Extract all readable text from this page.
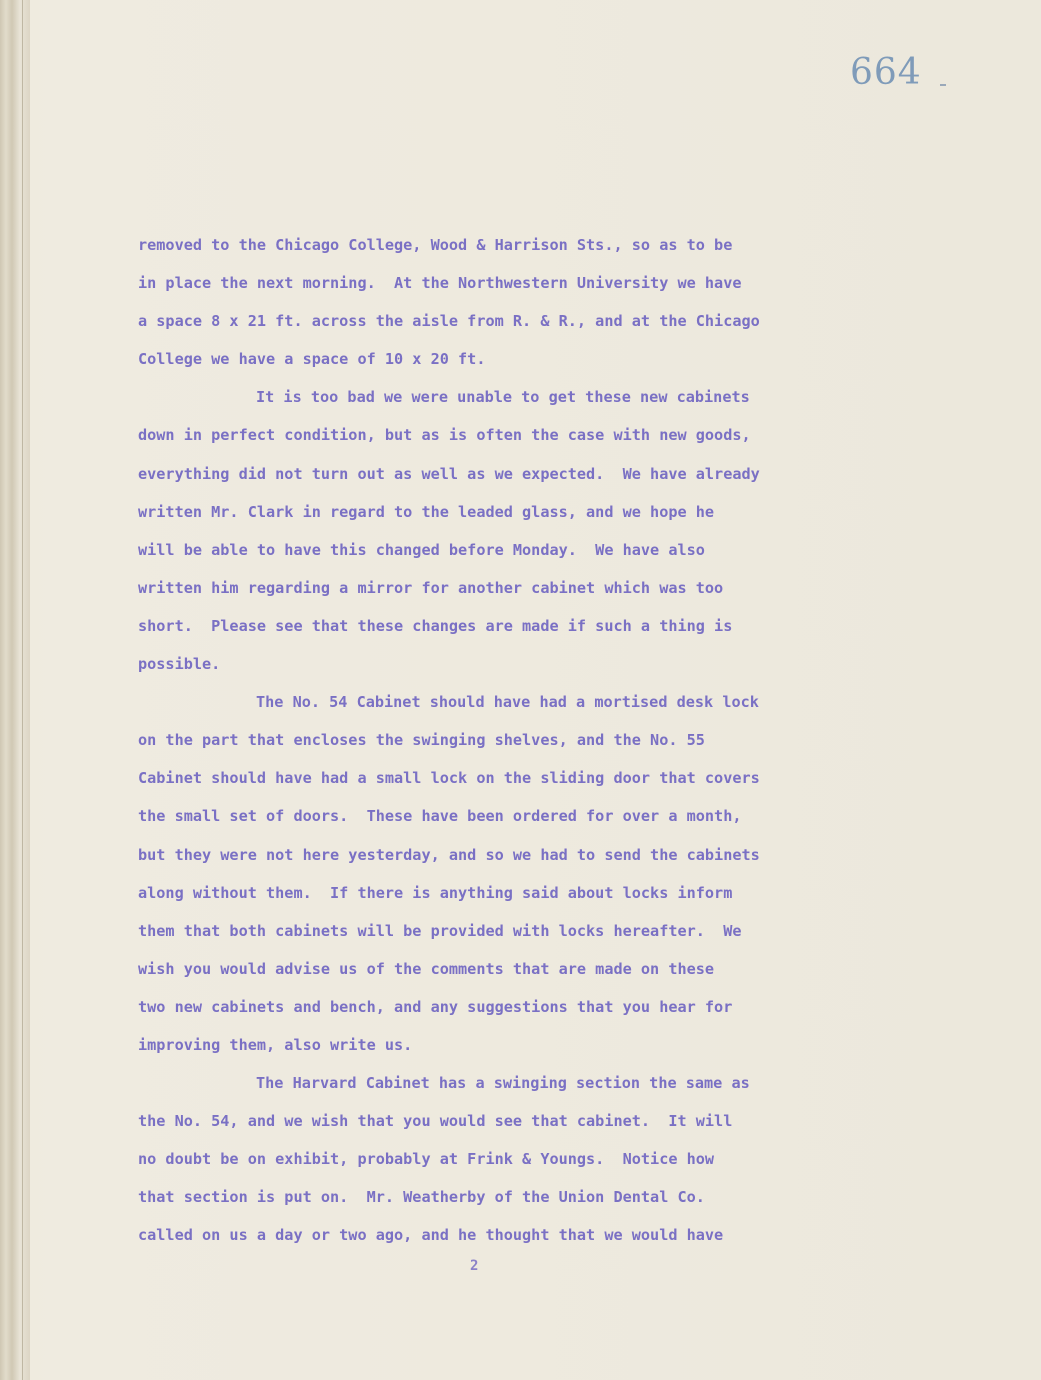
664
removed to the Chicago College, Wood & Harrison Sts., so as to be
in place the next morning.  At the Northwestern University we have
a space 8 x 21 ft. across the aisle from R. & R., and at the Chicago
College we have a space of 10 x 20 ft.
It is too bad we were unable to get these new cabinets
down in perfect condition, but as is often the case with new goods,
everything did not turn out as well as we expected.  We have already
written Mr. Clark in regard to the leaded glass, and we hope he
will be able to have this changed before Monday.  We have also
written him regarding a mirror for another cabinet which was too
short.  Please see that these changes are made if such a thing is
possible.
The No. 54 Cabinet should have had a mortised desk lock
on the part that encloses the swinging shelves, and the No. 55
Cabinet should have had a small lock on the sliding door that covers
the small set of doors.  These have been ordered for over a month,
but they were not here yesterday, and so we had to send the cabinets
along without them.  If there is anything said about locks inform
them that both cabinets will be provided with locks hereafter.  We
wish you would advise us of the comments that are made on these
two new cabinets and bench, and any suggestions that you hear for
improving them, also write us.
The Harvard Cabinet has a swinging section the same as
the No. 54, and we wish that you would see that cabinet.  It will
no doubt be on exhibit, probably at Frink & Youngs.  Notice how
that section is put on.  Mr. Weatherby of the Union Dental Co.
called on us a day or two ago, and he thought that we would have
2
